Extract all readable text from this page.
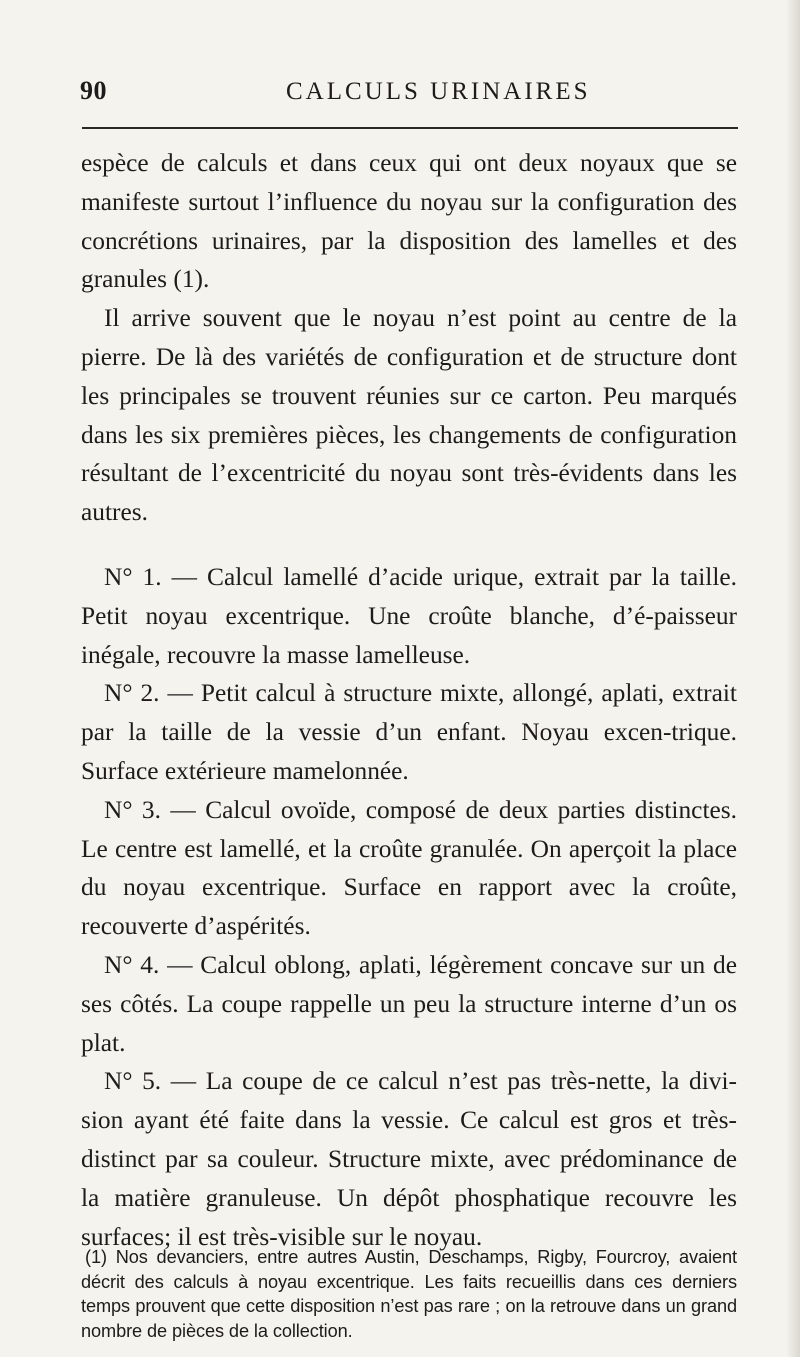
90	CALCULS URINAIRES

espèce de calculs et dans ceux qui ont deux noyaux que se manifeste surtout l’influence du noyau sur la configuration des concrétions urinaires, par la disposition des lamelles et des granules (1).

Il arrive souvent que le noyau n’est point au centre de la pierre. De là des variétés de configuration et de structure dont les principales se trouvent réunies sur ce carton. Peu marqués dans les six premières pièces, les changements de configuration résultant de l’excentricité du noyau sont très-évidents dans les autres.

N° 1. — Calcul lamellé d’acide urique, extrait par la taille. Petit noyau excentrique. Une croûte blanche, d’é-paisseur inégale, recouvre la masse lamelleuse.

N° 2. — Petit calcul à structure mixte, allongé, aplati, extrait par la taille de la vessie d’un enfant. Noyau excen-trique. Surface extérieure mamelonnée.

N° 3. — Calcul ovoïde, composé de deux parties distinctes. Le centre est lamellé, et la croûte granulée. On aperçoit la place du noyau excentrique. Surface en rapport avec la croûte, recouverte d’aspérités.

N° 4. — Calcul oblong, aplati, légèrement concave sur un de ses côtés. La coupe rappelle un peu la structure interne d’un os plat.

N° 5. — La coupe de ce calcul n’est pas très-nette, la divi-sion ayant été faite dans la vessie. Ce calcul est gros et très-distinct par sa couleur. Structure mixte, avec prédominance de la matière granuleuse. Un dépôt phosphatique recouvre les surfaces; il est très-visible sur le noyau.

(1) Nos devanciers, entre autres Austin, Deschamps, Rigby, Fourcroy, avaient décrit des calculs à noyau excentrique. Les faits recueillis dans ces derniers temps prouvent que cette disposition n’est pas rare ; on la retrouve dans un grand nombre de pièces de la collection.
